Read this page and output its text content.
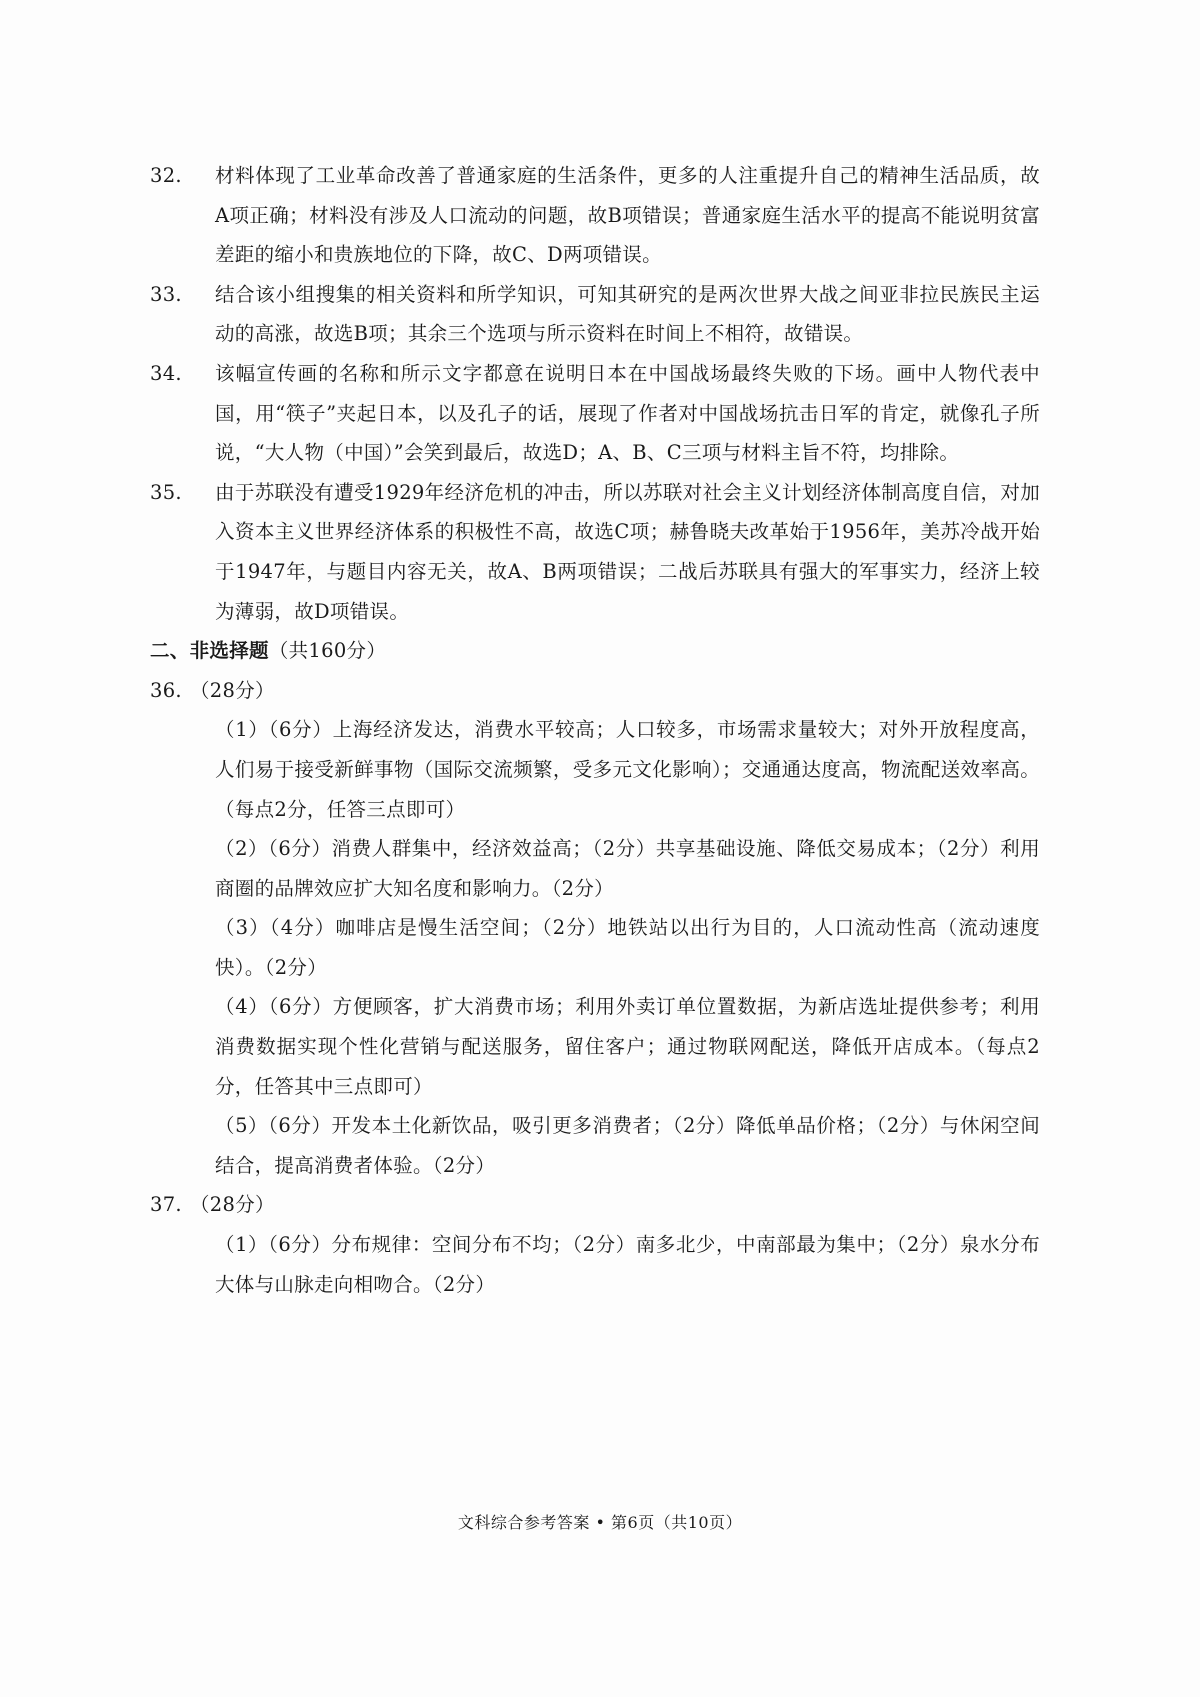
32. 材料体现了工业革命改善了普通家庭的生活条件，更多的人注重提升自己的精神生活品质，故A项正确；材料没有涉及人口流动的问题，故B项错误；普通家庭生活水平的提高不能说明贫富差距的缩小和贵族地位的下降，故C、D两项错误。

33. 结合该小组搜集的相关资料和所学知识，可知其研究的是两次世界大战之间亚非拉民族民主运动的高涨，故选B项；其余三个选项与所示资料在时间上不相符，故错误。

34. 该幅宣传画的名称和所示文字都意在说明日本在中国战场最终失败的下场。画中人物代表中国，用“筷子”夹起日本，以及孔子的话，展现了作者对中国战场抗击日军的肯定，就像孔子所说，“大人物（中国）”会笑到最后，故选D；A、B、C三项与材料主旨不符，均排除。

35. 由于苏联没有遭受1929年经济危机的冲击，所以苏联对社会主义计划经济体制高度自信，对加入资本主义世界经济体系的积极性不高，故选C项；赫鲁晓夫改革始于1956年，美苏冷战开始于1947年，与题目内容无关，故A、B两项错误；二战后苏联具有强大的军事实力，经济上较为薄弱，故D项错误。

二、非选择题（共160分）

36. （28分）

（1）（6分）上海经济发达，消费水平较高；人口较多，市场需求量较大；对外开放程度高，人们易于接受新鲜事物（国际交流频繁，受多元文化影响）；交通通达度高，物流配送效率高。（每点2分，任答三点即可）

（2）（6分）消费人群集中，经济效益高；（2分）共享基础设施、降低交易成本；（2分）利用商圈的品牌效应扩大知名度和影响力。（2分）

（3）（4分）咖啡店是慢生活空间；（2分）地铁站以出行为目的，人口流动性高（流动速度快）。（2分）

（4）（6分）方便顾客，扩大消费市场；利用外卖订单位置数据，为新店选址提供参考；利用消费数据实现个性化营销与配送服务，留住客户；通过物联网配送，降低开店成本。（每点2分，任答其中三点即可）

（5）（6分）开发本土化新饮品，吸引更多消费者；（2分）降低单品价格；（2分）与休闲空间结合，提高消费者体验。（2分）

37. （28分）

（1）（6分）分布规律：空间分布不均；（2分）南多北少，中南部最为集中；（2分）泉水分布大体与山脉走向相吻合。（2分）

文科综合参考答案 • 第6页（共10页）
